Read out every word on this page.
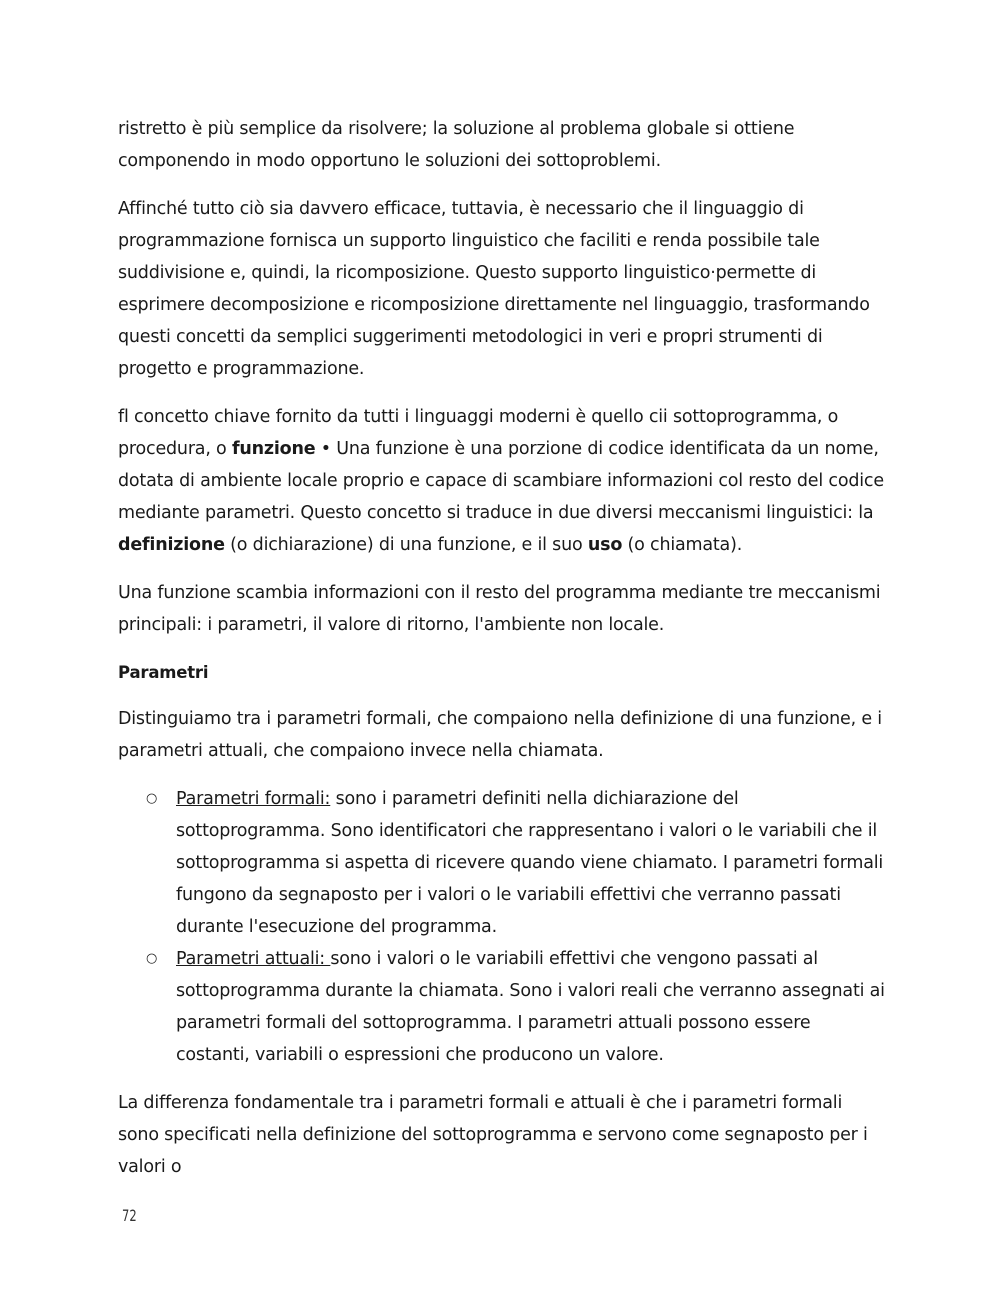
ristretto è più semplice da risolvere; la soluzione al problema globale si ottiene componendo in modo opportuno le soluzioni dei sottoproblemi.

Affinché tutto ciò sia davvero efficace, tuttavia, è necessario che il linguaggio di programmazione fornisca un supporto linguistico che faciliti e renda possibile tale suddivisione e, quindi, la ricomposizione. Questo supporto linguistico·permette di esprimere decomposizione e ricomposizione direttamente nel linguaggio, trasformando questi concetti da semplici suggerimenti metodologici in veri e propri strumenti di progetto e programmazione.

fl concetto chiave fornito da tutti i linguaggi moderni è quello cii sottoprogramma, o procedura, o funzione • Una funzione è una porzione di codice identificata da un nome, dotata di ambiente locale proprio e capace di scambiare informazioni col resto del codice mediante parametri. Questo concetto si traduce in due diversi meccanismi linguistici: la definizione (o dichiarazione) di una funzione, e il suo uso (o chiamata).

Una funzione scambia informazioni con il resto del programma mediante tre meccanismi principali: i parametri, il valore di ritorno, l'ambiente non locale.

Parametri

Distinguiamo tra i parametri formali, che compaiono nella definizione di una funzione, e i parametri attuali, che compaiono invece nella chiamata.

○ Parametri formali: sono i parametri definiti nella dichiarazione del sottoprogramma. Sono identificatori che rappresentano i valori o le variabili che il sottoprogramma si aspetta di ricevere quando viene chiamato. I parametri formali fungono da segnaposto per i valori o le variabili effettivi che verranno passati durante l'esecuzione del programma.
○ Parametri attuali: sono i valori o le variabili effettivi che vengono passati al sottoprogramma durante la chiamata. Sono i valori reali che verranno assegnati ai parametri formali del sottoprogramma. I parametri attuali possono essere costanti, variabili o espressioni che producono un valore.

La differenza fondamentale tra i parametri formali e attuali è che i parametri formali sono specificati nella definizione del sottoprogramma e servono come segnaposto per i valori o

72
